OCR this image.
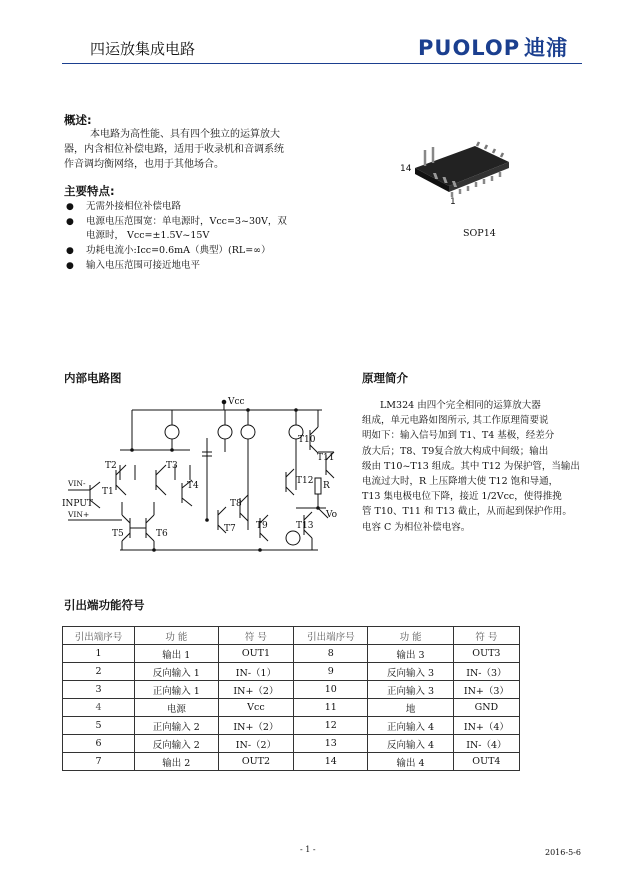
四运放集成电路	PUOLOP 迪浦
概述:
本电路为高性能、具有四个独立的运算放大
器，内含相位补偿电路，适用于收录机和音调系统
作音调均衡网络，也用于其他场合。
主要特点:
● 无需外接相位补偿电路
● 电源电压范围宽：单电源时，Vcc=3~30V，双
电源时， Vcc=±1.5V~15V
● 功耗电流小:Icc=0.6mA（典型）(RL=∞）
● 输入电压范围可接近地电平
14
1
SOP14
内部电路图
Vcc
T2	T3
T1
T4
T5	T6	T7
T8
T9
T10
T11
T12
T13
R
VIN-
INPUT
VIN+	Vo
原理简介
LM324 由四个完全相同的运算放大器
组成，单元电路如图所示, 其工作原理简要说
明如下：输入信号加到 T1、T4 基极，经差分
放大后；T8、T9复合放大构成中间级；输出
级由 T10~T13 组成。其中 T12 为保护管，当输出
电流过大时，R 上压降增大使 T12 饱和导通，
T13 集电极电位下降，接近 1/2Vcc，使得推挽
管 T10、T11 和 T13 截止，从而起到保护作用。
电容 C 为相位补偿电容。
引出端功能符号
引出端序号	功 能	符 号	引出端序号	功 能	符 号
1	输出 1	OUT1	8	输出 3	OUT3
2	反向输入 1	IN-（1）	9	反向输入 3	IN-（3）
3	正向输入 1	IN+（2）	10	正向输入 3	IN+（3）
4	电源	Vcc	11	地	GND
5	正向输入 2	IN+（2）	12	正向输入 4	IN+（4）
6	反向输入 2	IN-（2）	13	反向输入 4	IN-（4）
7	输出 2	OUT2	14	输出 4	OUT4
- 1 -	2016-5-6
